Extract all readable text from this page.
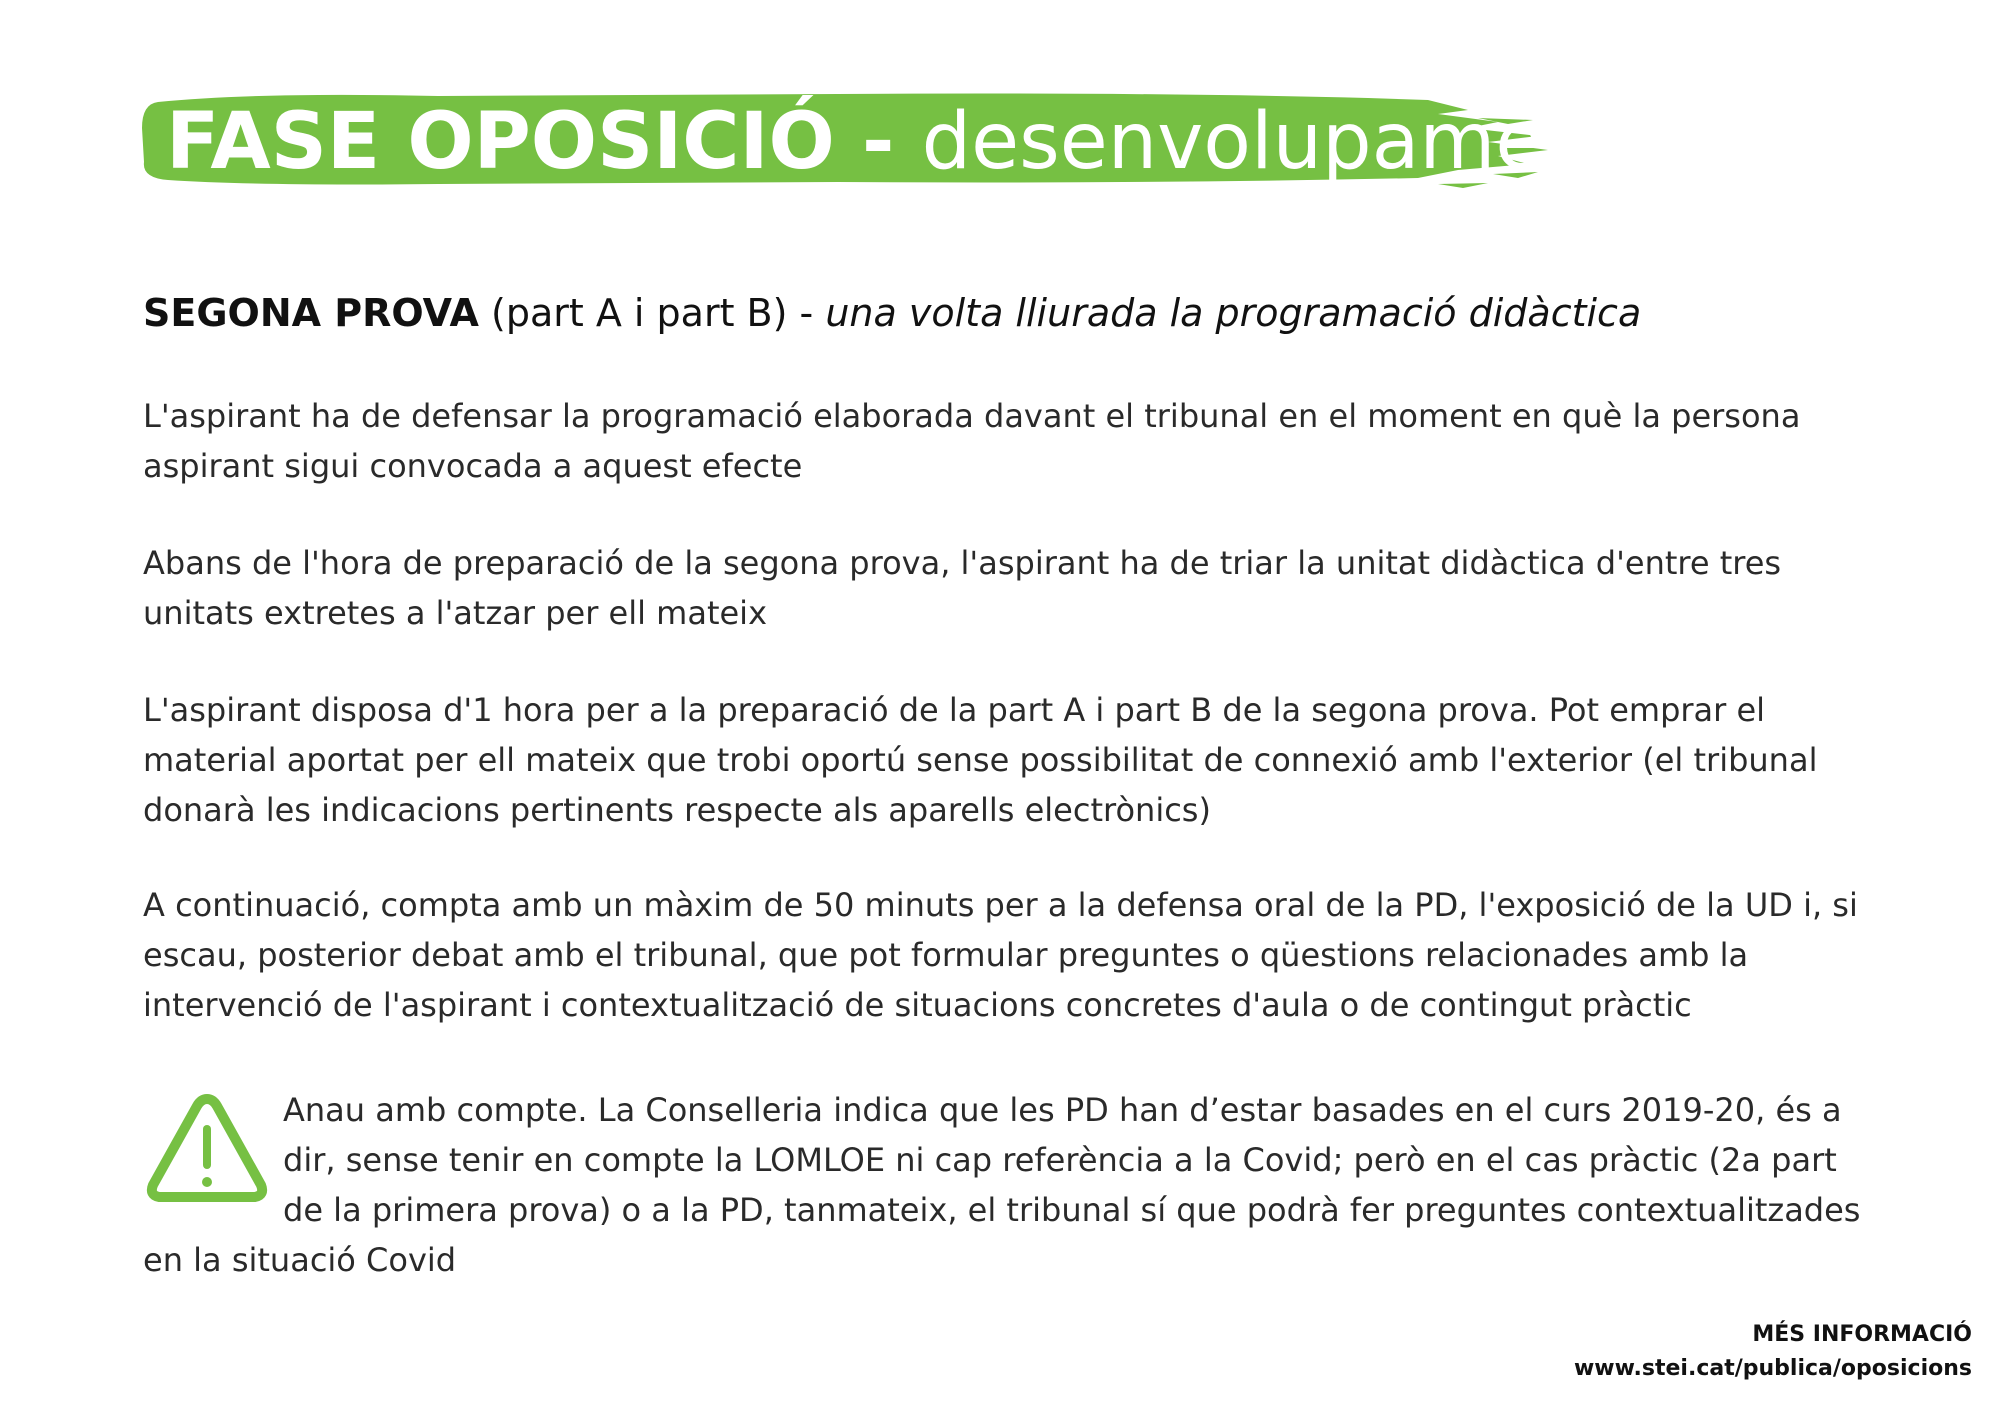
FASE OPOSICIÓ - desenvolupament
SEGONA PROVA (part A i part B) - una volta lliurada la programació didàctica

L'aspirant ha de defensar la programació elaborada davant el tribunal en el moment en què la persona aspirant sigui convocada a aquest efecte

Abans de l'hora de preparació de la segona prova, l'aspirant ha de triar la unitat didàctica d'entre tres unitats extretes a l'atzar per ell mateix

L'aspirant disposa d'1 hora per a la preparació de la part A i part B de la segona prova. Pot emprar el material aportat per ell mateix que trobi oportú sense possibilitat de connexió amb l'exterior (el tribunal donarà les indicacions pertinents respecte als aparells electrònics)

A continuació, compta amb un màxim de 50 minuts per a la defensa oral de la PD, l'exposició de la UD i, si escau, posterior debat amb el tribunal, que pot formular preguntes o qüestions relacionades amb la intervenció de l'aspirant i contextualització de situacions concretes d'aula o de contingut pràctic

Anau amb compte. La Conselleria indica que les PD han d’estar basades en el curs 2019-20, és a dir, sense tenir en compte la LOMLOE ni cap referència a la Covid; però en el cas pràctic (2a part de la primera prova) o a la PD, tanmateix, el tribunal sí que podrà fer preguntes contextualitzades en la situació Covid

MÉS INFORMACIÓ
www.stei.cat/publica/oposicions
